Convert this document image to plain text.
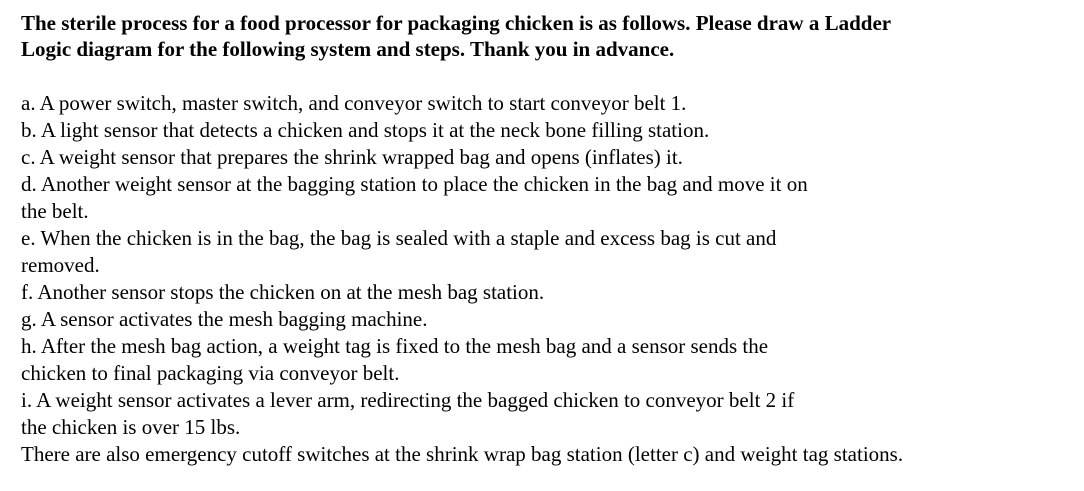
The sterile process for a food processor for packaging chicken is as follows. Please draw a Ladder
Logic diagram for the following system and steps. Thank you in advance.
a. A power switch, master switch, and conveyor switch to start conveyor belt 1.
b. A light sensor that detects a chicken and stops it at the neck bone filling station.
c. A weight sensor that prepares the shrink wrapped bag and opens (inflates) it.
d. Another weight sensor at the bagging station to place the chicken in the bag and move it on
the belt.
e. When the chicken is in the bag, the bag is sealed with a staple and excess bag is cut and
removed.
f. Another sensor stops the chicken on at the mesh bag station.
g. A sensor activates the mesh bagging machine.
h. After the mesh bag action, a weight tag is fixed to the mesh bag and a sensor sends the
chicken to final packaging via conveyor belt.
i. A weight sensor activates a lever arm, redirecting the bagged chicken to conveyor belt 2 if
the chicken is over 15 lbs.
There are also emergency cutoff switches at the shrink wrap bag station (letter c) and weight tag stations.
